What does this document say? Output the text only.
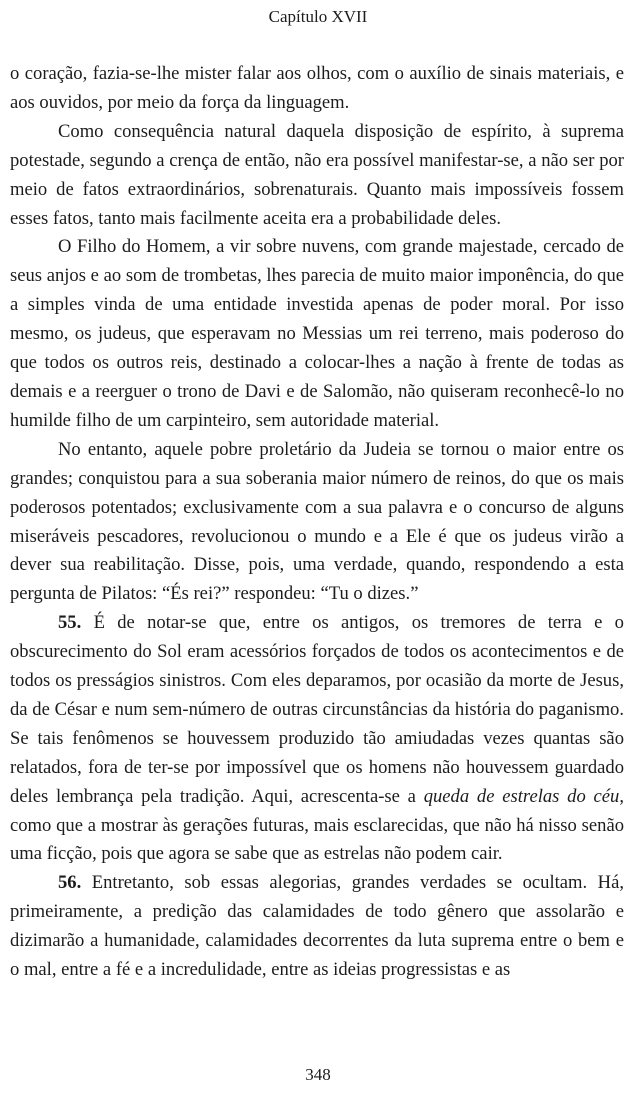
Capítulo XVII

o coração, fazia-se-lhe mister falar aos olhos, com o auxílio de sinais materiais, e aos ouvidos, por meio da força da linguagem.

Como consequência natural daquela disposição de espírito, à suprema potestade, segundo a crença de então, não era possível manifestar-se, a não ser por meio de fatos extraordinários, sobrenaturais. Quanto mais impossíveis fossem esses fatos, tanto mais facilmente aceita era a probabilidade deles.

O Filho do Homem, a vir sobre nuvens, com grande majestade, cercado de seus anjos e ao som de trombetas, lhes parecia de muito maior imponência, do que a simples vinda de uma entidade investida apenas de poder moral. Por isso mesmo, os judeus, que esperavam no Messias um rei terreno, mais poderoso do que todos os outros reis, destinado a colocar-lhes a nação à frente de todas as demais e a reerguer o trono de Davi e de Salomão, não quiseram reconhecê-lo no humilde filho de um carpinteiro, sem autoridade material.

No entanto, aquele pobre proletário da Judeia se tornou o maior entre os grandes; conquistou para a sua soberania maior número de reinos, do que os mais poderosos potentados; exclusivamente com a sua palavra e o concurso de alguns miseráveis pescadores, revolucionou o mundo e a Ele é que os judeus virão a dever sua reabilitação. Disse, pois, uma verdade, quando, respondendo a esta pergunta de Pilatos: “És rei?” respondeu: “Tu o dizes.”

55. É de notar-se que, entre os antigos, os tremores de terra e o obscurecimento do Sol eram acessórios forçados de todos os acontecimentos e de todos os presságios sinistros. Com eles deparamos, por ocasião da morte de Jesus, da de César e num sem-número de outras circunstâncias da história do paganismo. Se tais fenômenos se houvessem produzido tão amiudadas vezes quantas são relatados, fora de ter-se por impossível que os homens não houvessem guardado deles lembrança pela tradição. Aqui, acrescenta-se a queda de estrelas do céu, como que a mostrar às gerações futuras, mais esclarecidas, que não há nisso senão uma ficção, pois que agora se sabe que as estrelas não podem cair.

56. Entretanto, sob essas alegorias, grandes verdades se ocultam. Há, primeiramente, a predição das calamidades de todo gênero que assolarão e dizimarão a humanidade, calamidades decorrentes da luta suprema entre o bem e o mal, entre a fé e a incredulidade, entre as ideias progressistas e as

348
